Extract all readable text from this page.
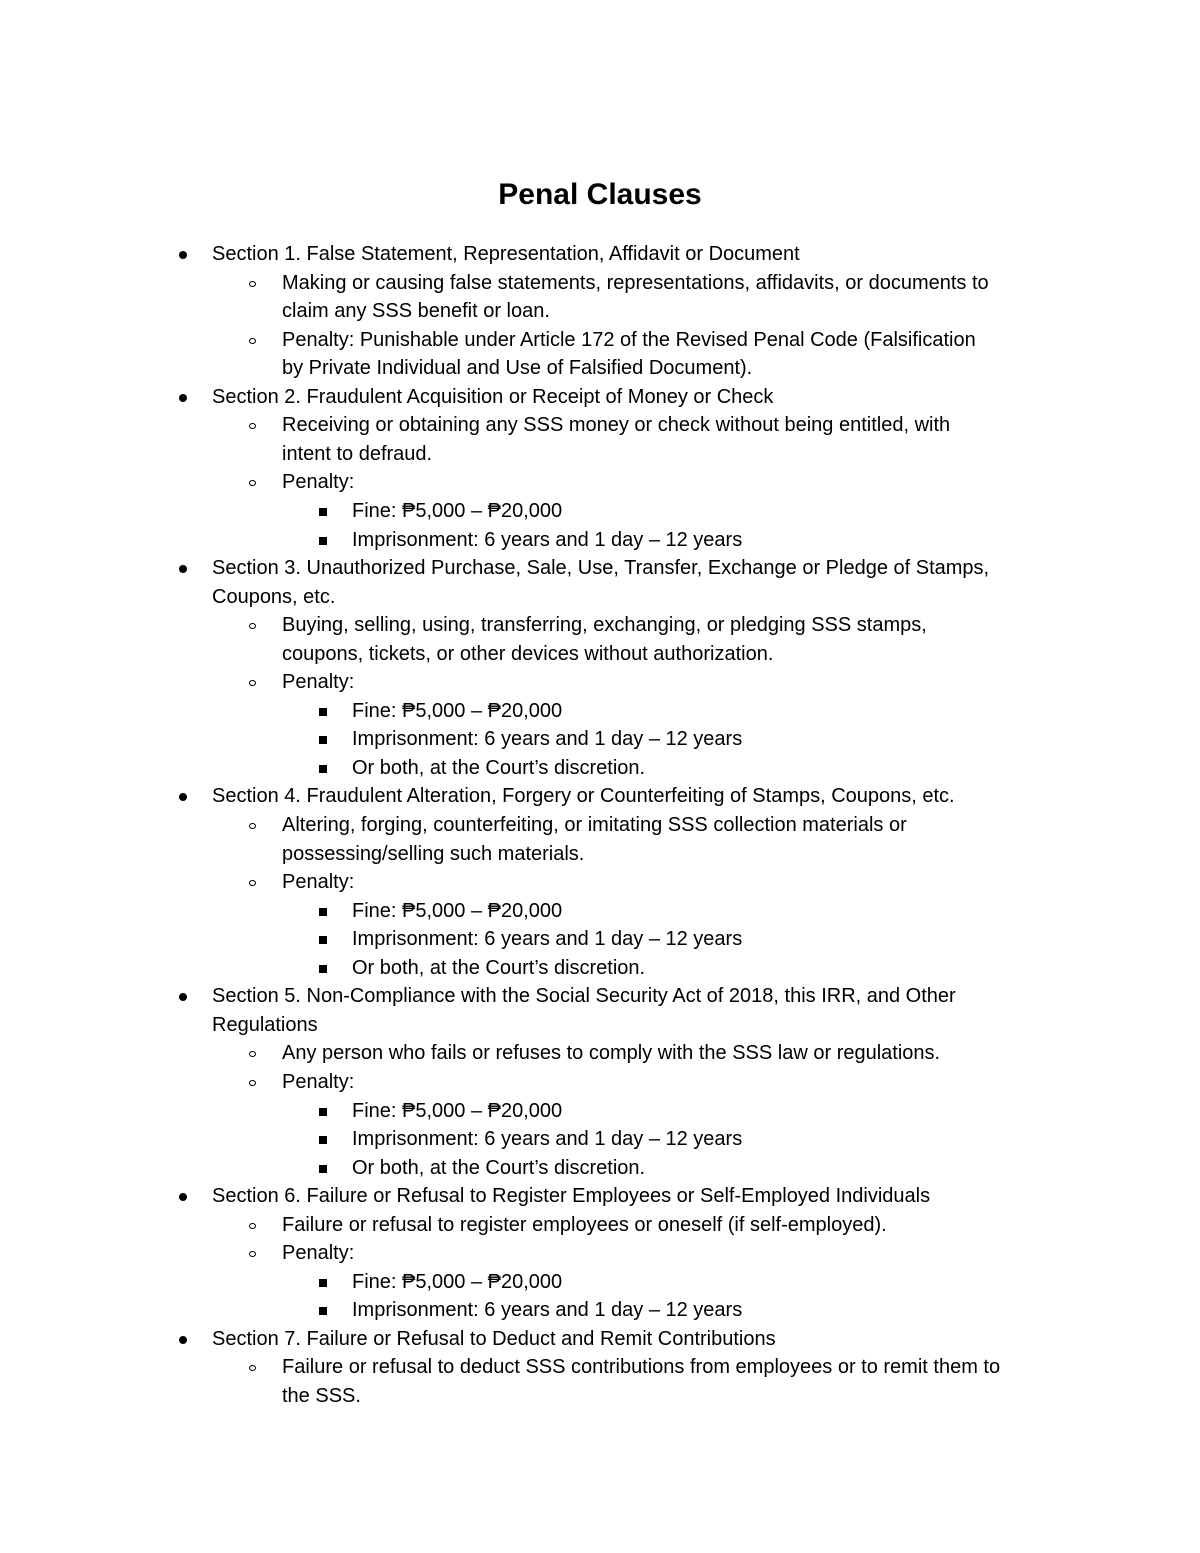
Penal Clauses
Section 1. False Statement, Representation, Affidavit or Document
Making or causing false statements, representations, affidavits, or documents to
claim any SSS benefit or loan.
Penalty: Punishable under Article 172 of the Revised Penal Code (Falsification
by Private Individual and Use of Falsified Document).
Section 2. Fraudulent Acquisition or Receipt of Money or Check
Receiving or obtaining any SSS money or check without being entitled, with
intent to defraud.
Penalty:
Fine: ₱5,000 – ₱20,000
Imprisonment: 6 years and 1 day – 12 years
Section 3. Unauthorized Purchase, Sale, Use, Transfer, Exchange or Pledge of Stamps,
Coupons, etc.
Buying, selling, using, transferring, exchanging, or pledging SSS stamps,
coupons, tickets, or other devices without authorization.
Penalty:
Fine: ₱5,000 – ₱20,000
Imprisonment: 6 years and 1 day – 12 years
Or both, at the Court’s discretion.
Section 4. Fraudulent Alteration, Forgery or Counterfeiting of Stamps, Coupons, etc.
Altering, forging, counterfeiting, or imitating SSS collection materials or
possessing/selling such materials.
Penalty:
Fine: ₱5,000 – ₱20,000
Imprisonment: 6 years and 1 day – 12 years
Or both, at the Court’s discretion.
Section 5. Non-Compliance with the Social Security Act of 2018, this IRR, and Other
Regulations
Any person who fails or refuses to comply with the SSS law or regulations.
Penalty:
Fine: ₱5,000 – ₱20,000
Imprisonment: 6 years and 1 day – 12 years
Or both, at the Court’s discretion.
Section 6. Failure or Refusal to Register Employees or Self-Employed Individuals
Failure or refusal to register employees or oneself (if self-employed).
Penalty:
Fine: ₱5,000 – ₱20,000
Imprisonment: 6 years and 1 day – 12 years
Section 7. Failure or Refusal to Deduct and Remit Contributions
Failure or refusal to deduct SSS contributions from employees or to remit them to
the SSS.
